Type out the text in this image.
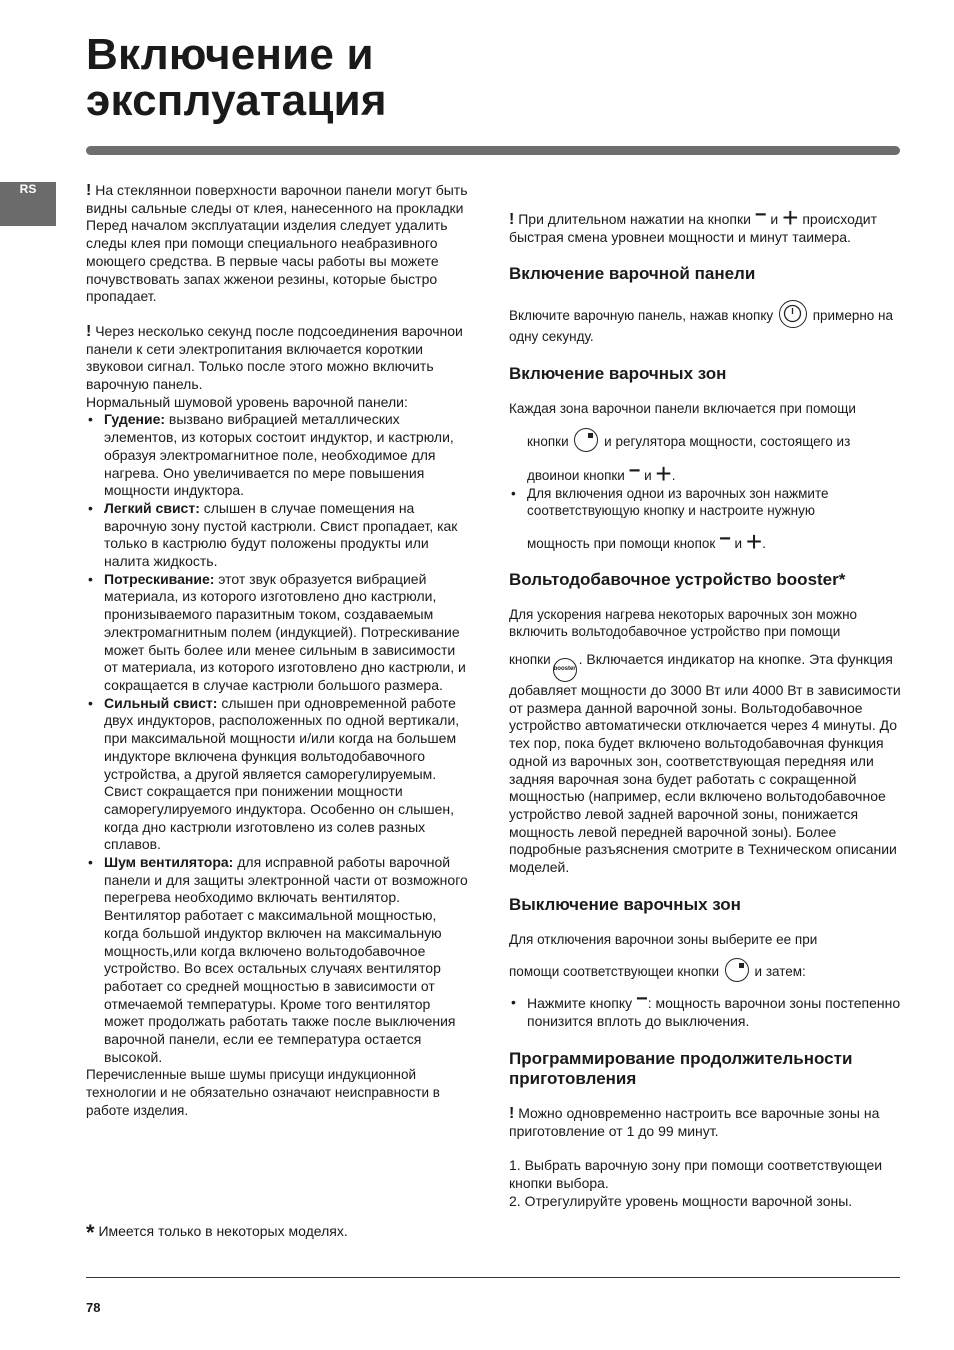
Включение и
эксплуатация
RS	! На стекляннои поверхности варочнои панели могут быть видны сальные следы от клея, нанесенного на прокладки Перед началом эксплуатации изделия следует удалить следы клея при помощи специального неабразивного моющего средства. В первые часы работы вы можете почувствовать запах жженои резины, которые быстро пропадает.

! Через несколько секунд после подсоединения варочнои панели к сети электропитания включается короткии звуковои сигнал. Только после этого можно включить варочную панель.

Нормальный шумовой уровень варочной панели:

• Гудение: вызвано вибрацией металлических элементов, из которых состоит индуктор, и кастрюли, образуя электромагнитное поле, необходимое для нагрева. Оно увеличивается по мере повышения мощности индуктора.
• Легкий свист: слышен в случае помещения на варочную зону пустой кастрюли. Свист пропадает, как только в кастрюлю будут положены продукты или налита жидкость.
• Потрескивание: этот звук образуется вибрацией материала, из которого изготовлено дно кастрюли, пронизываемого паразитным током, создаваемым электромагнитным полем (индукцией). Потрескивание может быть более или менее сильным в зависимости от материала, из которого изготовлено дно кастрюли, и сокращается в случае кастрюли большого размера.
• Сильный свист: слышен при одновременной работе двух индукторов, расположенных по одной вертикали, при максимальной мощности и/или когда на большем индукторе включена функция вольтодобавочного устройства, а другой является саморегулируемым. Свист сокращается при понижении мощности саморегулируемого индуктора. Особенно он слышен, когда дно кастрюли изготовлено из солев разных сплавов.
• Шум вентилятора: для исправной работы варочной панели и для защиты электронной части от возможного перегрева необходимо включать вентилятор. Вентилятор работает с максимальной мощностью, когда большой индуктор включен на максимальную мощность,или когда включено вольтодобавочное устройство. Во всех остальных случаях вентилятор работает со средней мощностью в зависимости от отмечаемой температуры. Кроме того вентилятор может продолжать работать также после выключения варочной панели, если ее температура остается высокой.

Перечисленные выше шумы присущи индукционной технологии и не обязательно означают неисправности в работе изделия.

! При длительном нажатии на кнопки − и + происходит быстрая смена уровнеи мощности и минут таимера.

Включение варочной панели

Включите варочную панель, нажав кнопку	примерно на одну секунду.

Включение варочных зон

Каждая зона варочнои панели включается при помощи

кнопки	и регулятора мощности, состоящего из

двоинои кнопки − и +.

• Для включения однои из варочных зон нажмите соответствующую кнопку и настроите нужную
мощность при помощи кнопок − и +.
Вольтодобавочное устройство booster*

Для ускорения нагрева некоторых варочных зон можно включить вольтодобавочное устройство при помощи

кнопкиbooster. Включается индикатор на кнопке. Эта функция добавляет мощности до 3000 Вт или 4000 Вт в зависимости от размера данной варочной зоны. Вольтодобавочное устройство автоматически отключается через 4 минуты. До тех пор, пока будет включено вольтодобавочная функция одной из варочных зон, соответствующая передняя или задняя варочная зона будет работать с сокращенной мощностью (например, если включено вольтодобавочное устройство левой задней варочной зоны, понижается мощность левой передней варочной зоны). Более подробные разъяснения смотрите в Техническом описании моделей.

Выключение варочных зон

Для отключения варочнои зоны выберите ее при

помощи соответствующеи кнопки	и затем:

• Нажмите кнопку −: мощность варочнои зоны постепенно понизится вплоть до выключения.
Программирование продолжительности приготовления

! Можно одновременно настроить все варочные зоны на приготовление от 1 до 99 минут.

1. Выбрать варочную зону при помощи соответствующеи кнопки выбора.

2. Отрегулируйте уровень мощности варочной зоны.

* Имеется только в некоторых моделях.
78
